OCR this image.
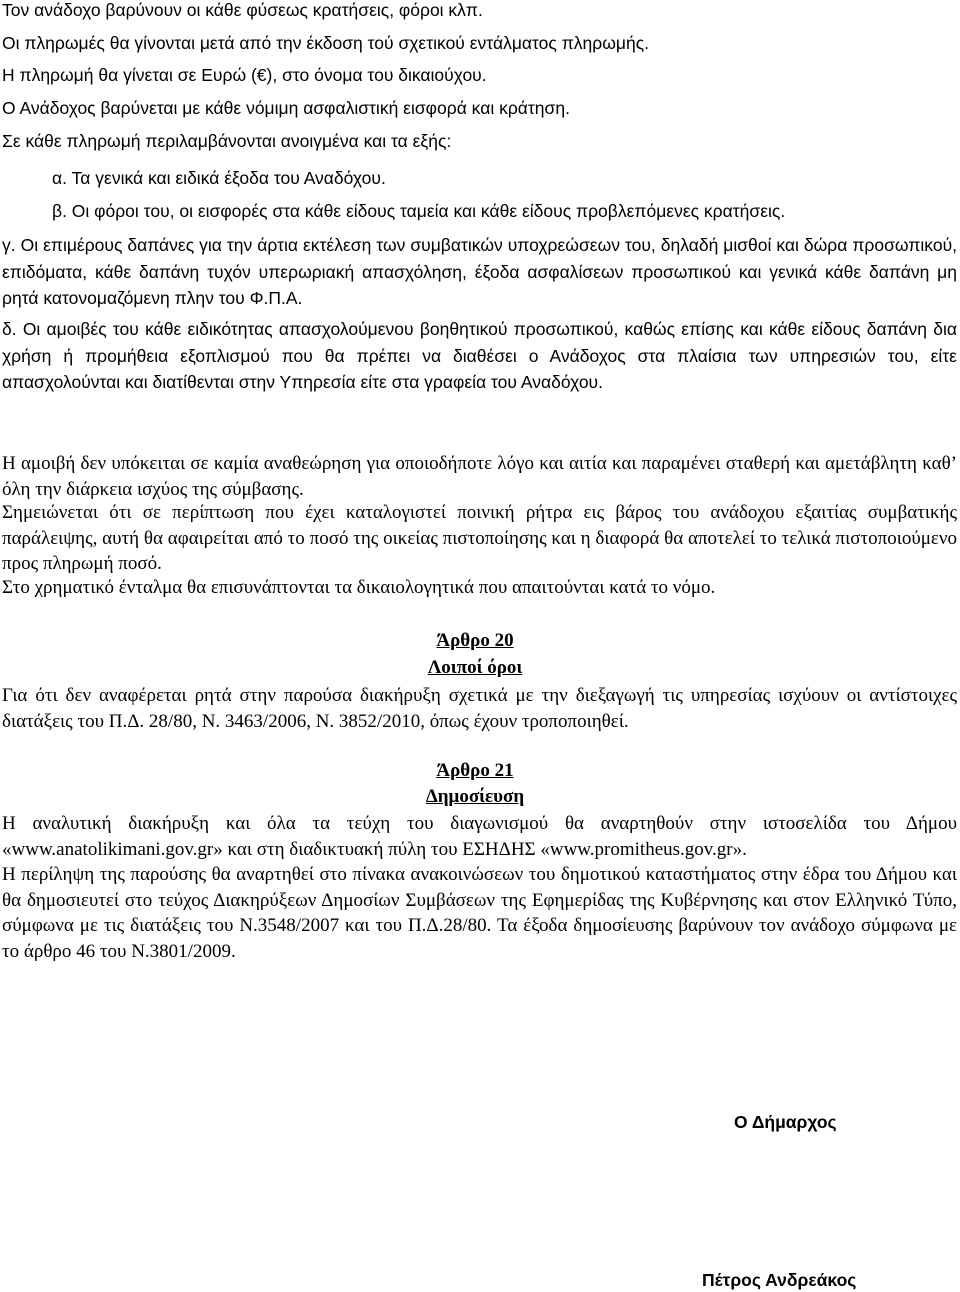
Τον ανάδοχο βαρύνουν οι κάθε φύσεως κρατήσεις, φόροι κλπ.

Οι πληρωμές θα γίνονται μετά από την έκδοση τού σχετικού εντάλματος πληρωμής.

Η πληρωμή θα γίνεται σε Ευρώ (€), στο όνομα του δικαιούχου.

Ο Ανάδοχος βαρύνεται με κάθε νόμιμη ασφαλιστική εισφορά και κράτηση.

Σε κάθε πληρωμή περιλαμβάνονται ανοιγμένα και τα εξής:

α. Τα γενικά και ειδικά έξοδα του Αναδόχου.

β. Οι φόροι του, οι εισφορές στα κάθε είδους ταμεία και κάθε είδους προβλεπόμενες κρατήσεις.

γ. Οι επιμέρους δαπάνες για την άρτια εκτέλεση των συμβατικών υποχρεώσεων του, δηλαδή μισθοί και δώρα προσωπικού, επιδόματα, κάθε δαπάνη τυχόν υπερωριακή απασχόληση, έξοδα ασφαλίσεων προσωπικού και γενικά κάθε δαπάνη μη ρητά κατονομαζόμενη πλην του Φ.Π.Α.

δ. Οι αμοιβές του κάθε ειδικότητας απασχολούμενου βοηθητικού προσωπικού, καθώς επίσης και κάθε είδους δαπάνη δια χρήση ή προμήθεια εξοπλισμού που θα πρέπει να διαθέσει ο Ανάδοχος στα πλαίσια των υπηρεσιών του, είτε απασχολούνται και διατίθενται στην Υπηρεσία είτε στα γραφεία του Αναδόχου.

Η αμοιβή δεν υπόκειται σε καμία αναθεώρηση για οποιοδήποτε λόγο και αιτία και παραμένει σταθερή και αμετάβλητη καθ’ όλη την διάρκεια ισχύος της σύμβασης.

Σημειώνεται ότι σε περίπτωση που έχει καταλογιστεί ποινική ρήτρα εις βάρος του ανάδοχου εξαιτίας συμβατικής παράλειψης, αυτή θα αφαιρείται από το ποσό της οικείας πιστοποίησης και η διαφορά θα αποτελεί το τελικά πιστοποιούμενο προς πληρωμή ποσό.

Στο χρηματικό ένταλμα θα επισυνάπτονται τα δικαιολογητικά που απαιτούνται κατά το νόμο.

Άρθρο 20

Λοιποί όροι

Για ότι δεν αναφέρεται ρητά στην παρούσα διακήρυξη σχετικά με την διεξαγωγή τις υπηρεσίας ισχύουν οι αντίστοιχες διατάξεις του Π.Δ. 28/80, Ν. 3463/2006, Ν. 3852/2010, όπως έχουν τροποποιηθεί.

Άρθρο 21

Δημοσίευση

Η αναλυτική διακήρυξη και όλα τα τεύχη του διαγωνισμού θα αναρτηθούν στην ιστοσελίδα του Δήμου «www.anatolikimani.gov.gr» και στη διαδικτυακή πύλη του ΕΣΗΔΗΣ «www.promitheus.gov.gr».

Η περίληψη της παρούσης θα αναρτηθεί στο πίνακα ανακοινώσεων του δημοτικού καταστήματος στην έδρα του Δήμου και θα δημοσιευτεί στο τεύχος Διακηρύξεων Δημοσίων Συμβάσεων της Εφημερίδας της Κυβέρνησης και στον Ελληνικό Τύπο, σύμφωνα με τις διατάξεις του Ν.3548/2007 και του Π.Δ.28/80. Τα έξοδα δημοσίευσης βαρύνουν τον ανάδοχο σύμφωνα με το άρθρο 46 του Ν.3801/2009.

Ο Δήμαρχος

Πέτρος Ανδρεάκος
